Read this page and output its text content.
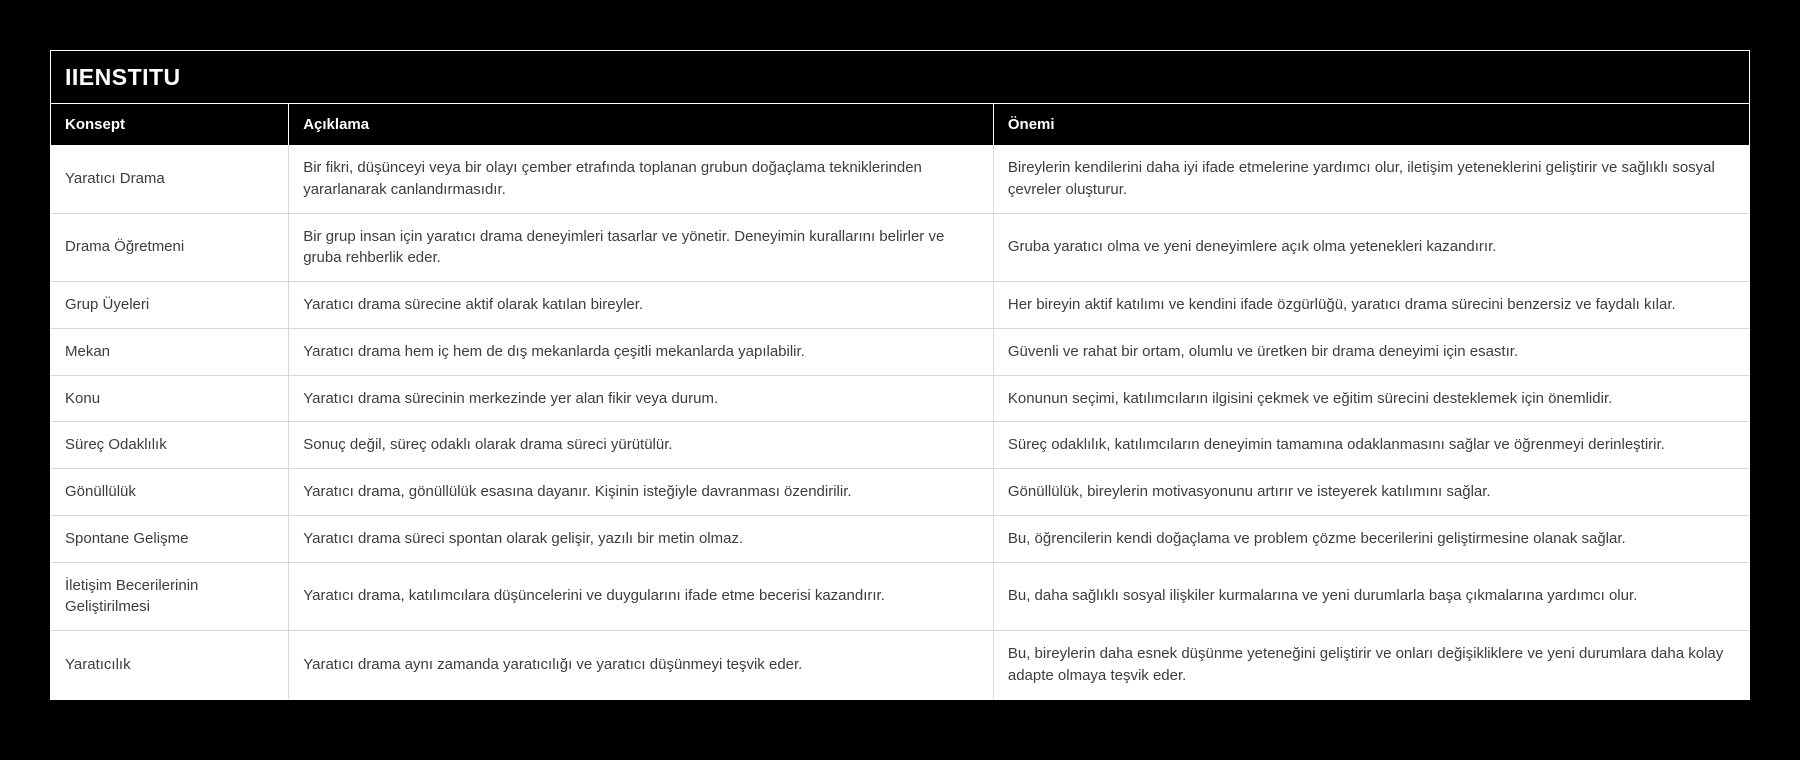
IIENSTITU
Konsept	Açıklama	Önemi
Yaratıcı Drama	Bir fikri, düşünceyi veya bir olayı çember etrafında toplanan grubun doğaçlama tekniklerinden yararlanarak canlandırmasıdır.	Bireylerin kendilerini daha iyi ifade etmelerine yardımcı olur, iletişim yeteneklerini geliştirir ve sağlıklı sosyal çevreler oluşturur.
Drama Öğretmeni	Bir grup insan için yaratıcı drama deneyimleri tasarlar ve yönetir. Deneyimin kurallarını belirler ve gruba rehberlik eder.	Gruba yaratıcı olma ve yeni deneyimlere açık olma yetenekleri kazandırır.
Grup Üyeleri	Yaratıcı drama sürecine aktif olarak katılan bireyler.	Her bireyin aktif katılımı ve kendini ifade özgürlüğü, yaratıcı drama sürecini benzersiz ve faydalı kılar.
Mekan	Yaratıcı drama hem iç hem de dış mekanlarda çeşitli mekanlarda yapılabilir.	Güvenli ve rahat bir ortam, olumlu ve üretken bir drama deneyimi için esastır.
Konu	Yaratıcı drama sürecinin merkezinde yer alan fikir veya durum.	Konunun seçimi, katılımcıların ilgisini çekmek ve eğitim sürecini desteklemek için önemlidir.
Süreç Odaklılık	Sonuç değil, süreç odaklı olarak drama süreci yürütülür.	Süreç odaklılık, katılımcıların deneyimin tamamına odaklanmasını sağlar ve öğrenmeyi derinleştirir.
Gönüllülük	Yaratıcı drama, gönüllülük esasına dayanır. Kişinin isteğiyle davranması özendirilir.	Gönüllülük, bireylerin motivasyonunu artırır ve isteyerek katılımını sağlar.
Spontane Gelişme	Yaratıcı drama süreci spontan olarak gelişir, yazılı bir metin olmaz.	Bu, öğrencilerin kendi doğaçlama ve problem çözme becerilerini geliştirmesine olanak sağlar.
İletişim Becerilerinin Geliştirilmesi	Yaratıcı drama, katılımcılara düşüncelerini ve duygularını ifade etme becerisi kazandırır.	Bu, daha sağlıklı sosyal ilişkiler kurmalarına ve yeni durumlarla başa çıkmalarına yardımcı olur.
Yaratıcılık	Yaratıcı drama aynı zamanda yaratıcılığı ve yaratıcı düşünmeyi teşvik eder.	Bu, bireylerin daha esnek düşünme yeteneğini geliştirir ve onları değişikliklere ve yeni durumlara daha kolay adapte olmaya teşvik eder.
